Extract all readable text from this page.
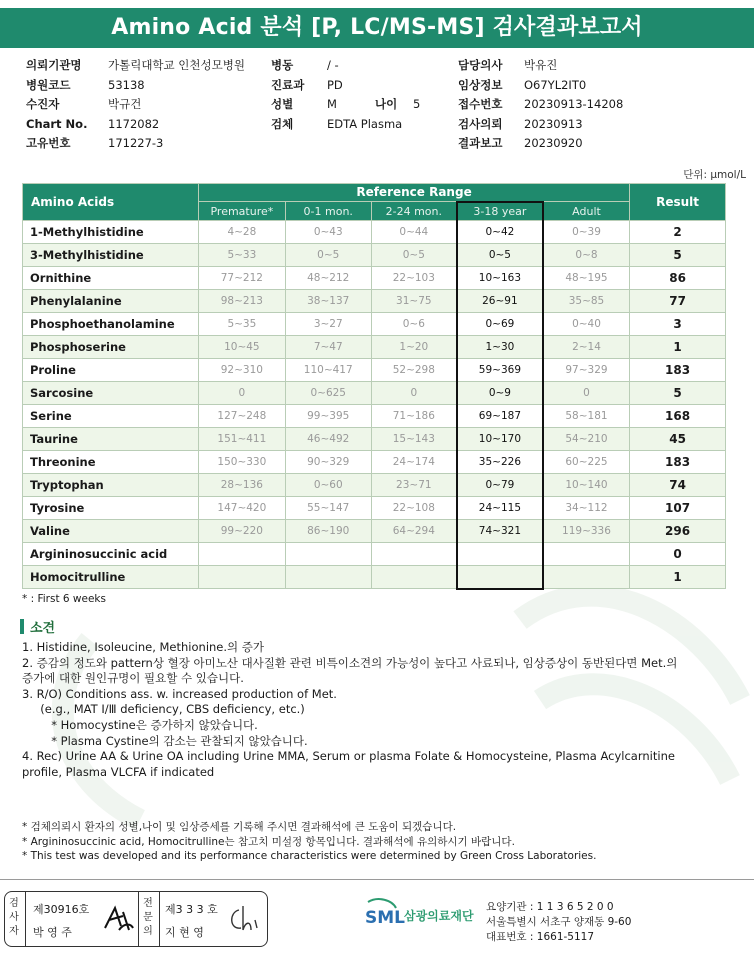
Amino Acid 분석 [P, LC/MS-MS] 검사결과보고서
의뢰기관명 가톨릭대학교 인천성모병원
병원코드	53138
수진자	박규건
Chart No. 1172082
고유번호	171227-3
병동	/ -
진료과 PD
성별	M	나이 5
검체	EDTA Plasma
담당의사 박유진
임상정보 O67YL2IT0
접수번호 20230913-14208
검사의뢰 20230913
결과보고 20230920
단위: μmol/L
Amino Acids	Reference Range					Result
	Premature*	0-1 mon.	2-24 mon.	3-18 year	Adult	
1-Methylhistidine	4~28	0~43	0~44	0~42	0~39	2
3-Methylhistidine	5~33	0~5	0~5	0~5	0~8	5
Ornithine	77~212	48~212	22~103	10~163	48~195	86
Phenylalanine	98~213	38~137	31~75	26~91	35~85	77
Phosphoethanolamine	5~35	3~27	0~6	0~69	0~40	3
Phosphoserine	10~45	7~47	1~20	1~30	2~14	1
Proline	92~310	110~417	52~298	59~369	97~329	183
Sarcosine	0	0~625	0	0~9	0	5
Serine	127~248	99~395	71~186	69~187	58~181	168
Taurine	151~411	46~492	15~143	10~170	54~210	45
Threonine	150~330	90~329	24~174	35~226	60~225	183
Tryptophan	28~136	0~60	23~71	0~79	10~140	74
Tyrosine	147~420	55~147	22~108	24~115	34~112	107
Valine	99~220	86~190	64~294	74~321	119~336	296
Argininosuccinic acid						0
Homocitrulline						1
* : First 6 weeks
소견
1. Histidine, Isoleucine, Methionine.의 증가
2. 증감의 정도와 pattern상 혈장 아미노산 대사질환 관련 비특이소견의 가능성이 높다고 사료되나, 임상증상이 동반된다면 Met.의
증가에 대한 원인규명이 필요할 수 있습니다.
3. R/O) Conditions ass. w. increased production of Met.
(e.g., MAT Ⅰ/Ⅲ deficiency, CBS deficiency, etc.)
* Homocystine은 증가하지 않았습니다.
* Plasma Cystine의 감소는 관찰되지 않았습니다.
4. Rec) Urine AA & Urine OA including Urine MMA, Serum or plasma Folate & Homocysteine, Plasma Acylcarnitine
profile, Plasma VLCFA if indicated
* 검체의뢰시 환자의 성별,나이 및 임상증세를 기록해 주시면 결과해석에 큰 도움이 되겠습니다.
* Argininosuccinic acid, Homocitrulline는 참고치 미설정 항목입니다. 결과해석에 유의하시기 바랍니다.
* This test was developed and its performance characteristics were determined by Green Cross Laboratories.
검사자
제30916호
박 영 주
전문의
제3 3 3 호
지 현 영
SML 삼광의료재단
요양기관 : 1 1 3 6 5 2 0 0
서울특별시 서초구 양재동 9-60
대표번호 : 1661-5117
